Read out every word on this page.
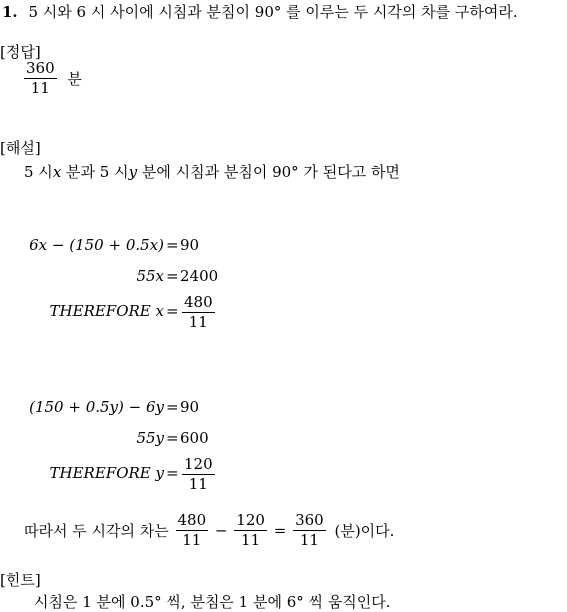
1. 5 시와 6 시 사이에 시침과 분침이 90° 를 이루는 두 시각의 차를 구하여라.
[정답]
$\frac{360}{11}$ 분
[해설]
5 시x 분과 5 시y 분에 시침과 분침이 90° 가 된다고 하면
6x − (150 + 0.5x) = 90
55x = 2400
THEREFORE $x = \frac{480}{11}$
(150 + 0.5y) − 6y = 90
55y = 600
THEREFORE $y = \frac{120}{11}$
따라서 두 시각의 차는 $\frac{480}{11} - \frac{120}{11} = \frac{360}{11}$ (분)이다.
[힌트]
시침은 1 분에 0.5° 씩, 분침은 1 분에 6° 씩 움직인다.
